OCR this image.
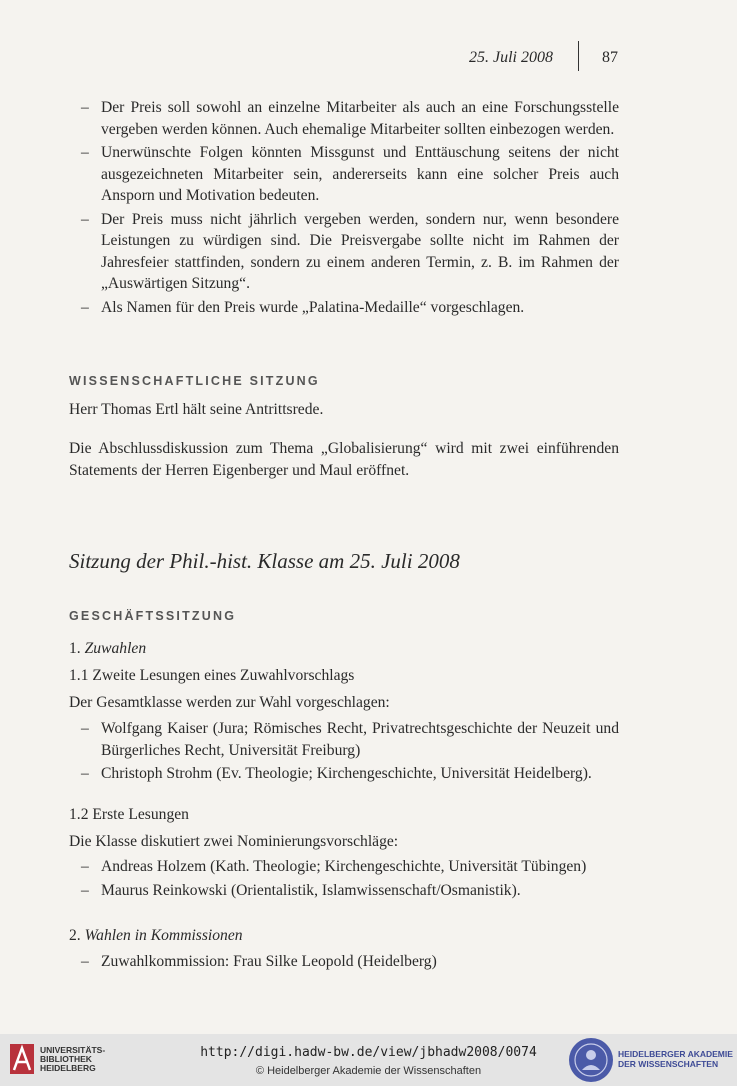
25. Juli 2008	87

– Der Preis soll sowohl an einzelne Mitarbeiter als auch an eine Forschungsstelle vergeben werden können. Auch ehemalige Mitarbeiter sollten einbezogen werden.

– Unerwünschte Folgen könnten Missgunst und Enttäuschung seitens der nicht ausgezeichneten Mitarbeiter sein, andererseits kann eine solcher Preis auch Ansporn und Motivation bedeuten.

– Der Preis muss nicht jährlich vergeben werden, sondern nur, wenn besondere Leistungen zu würdigen sind. Die Preisvergabe sollte nicht im Rahmen der Jahresfeier stattfinden, sondern zu einem anderen Termin, z. B. im Rahmen der „Auswärtigen Sitzung“.

– Als Namen für den Preis wurde „Palatina-Medaille“ vorgeschlagen.

WISSENSCHAFTLICHE SITZUNG
Herr Thomas Ertl hält seine Antrittsrede.
Die Abschlussdiskussion zum Thema „Globalisierung“ wird mit zwei einführenden Statements der Herren Eigenberger und Maul eröffnet.
Sitzung der Phil.-hist. Klasse am 25. Juli 2008
GESCHÄFTSSITZUNG
1. Zuwahlen
1.1 Zweite Lesungen eines Zuwahlvorschlags
Der Gesamtklasse werden zur Wahl vorgeschlagen:

– Wolfgang Kaiser (Jura; Römisches Recht, Privatrechtsgeschichte der Neuzeit und Bürgerliches Recht, Universität Freiburg)

– Christoph Strohm (Ev. Theologie; Kirchengeschichte, Universität Heidelberg).

1.2 Erste Lesungen
Die Klasse diskutiert zwei Nominierungsvorschläge:

– Andreas Holzem (Kath. Theologie; Kirchengeschichte, Universität Tübingen)

– Maurus Reinkowski (Orientalistik, Islamwissenschaft/Osmanistik).

2. Wahlen in Kommissionen

– Zuwahlkommission: Frau Silke Leopold (Heidelberg)

UNIVERSITÄTS-
BIBLIOTHEK
HEIDELBERG
http://digi.hadw-bw.de/view/jbhadw2008/0074
© Heidelberger Akademie der Wissenschaften
HEIDELBERGER AKADEMIE
DER WISSENSCHAFTEN
